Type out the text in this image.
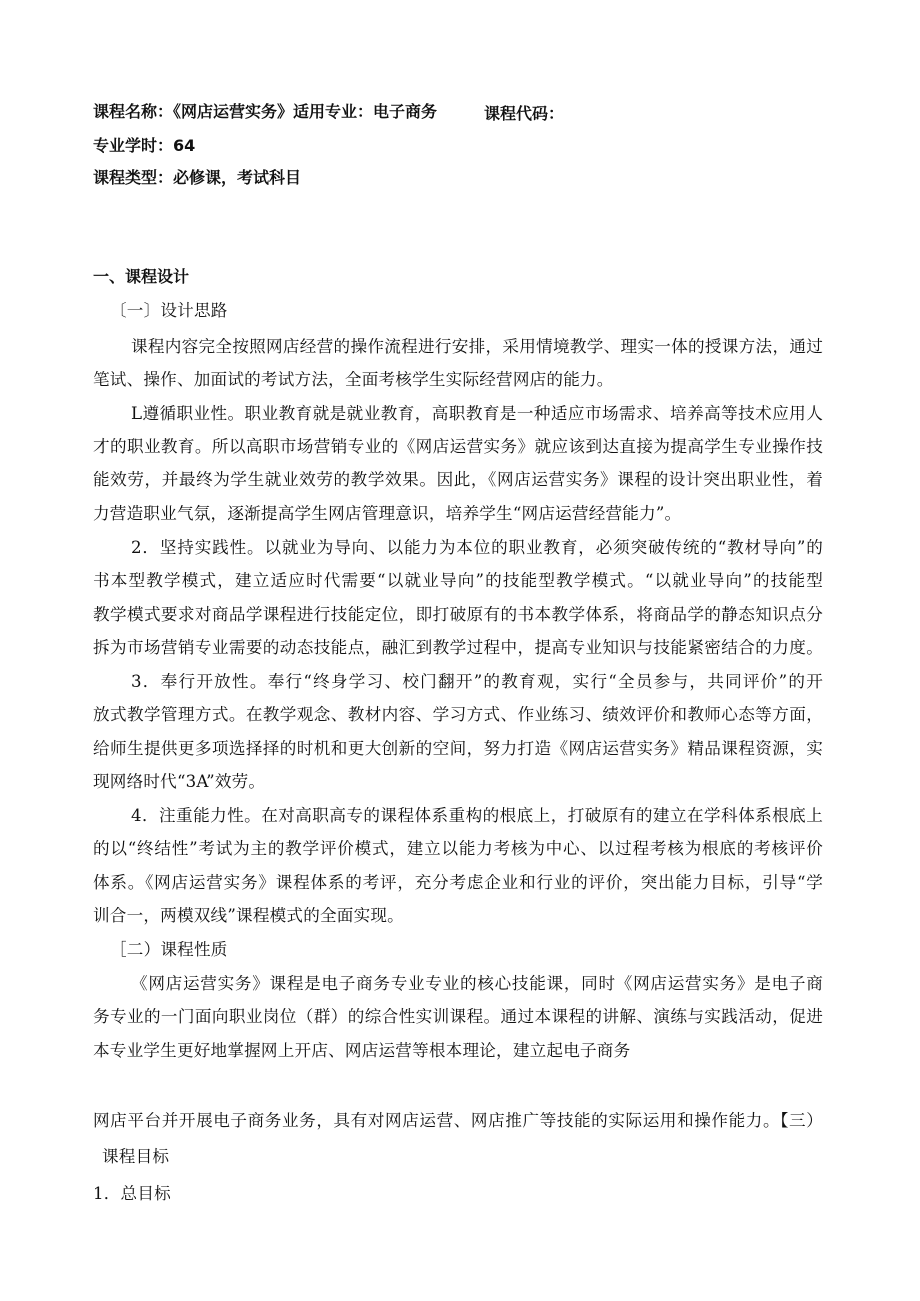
课程名称：《网店运营实务》适用专业：电子商务	课程代码：
专业学时：64
课程类型：必修课，考试科目
一、课程设计
〔一〕设计思路
课程内容完全按照网店经营的操作流程进行安排，采用情境教学、理实一体的授课方法，通过
笔试、操作、加面试的考试方法，全面考核学生实际经营网店的能力。
L遵循职业性。职业教育就是就业教育，高职教育是一种适应市场需求、培养高等技术应用人
才的职业教育。所以高职市场营销专业的《网店运营实务》就应该到达直接为提高学生专业操作技
能效劳，并最终为学生就业效劳的教学效果。因此，《网店运营实务》课程的设计突出职业性，着
力营造职业气氛，逐渐提高学生网店管理意识，培养学生“网店运营经营能力”。
2．坚持实践性。以就业为导向、以能力为本位的职业教育，必须突破传统的“教材导向”的
书本型教学模式，建立适应时代需要“以就业导向”的技能型教学模式。“以就业导向”的技能型
教学模式要求对商品学课程进行技能定位，即打破原有的书本教学体系，将商品学的静态知识点分
拆为市场营销专业需要的动态技能点，融汇到教学过程中，提高专业知识与技能紧密结合的力度。
3．奉行开放性。奉行“终身学习、校门翻开”的教育观，实行“全员参与，共同评价”的开
放式教学管理方式。在教学观念、教材内容、学习方式、作业练习、绩效评价和教师心态等方面，
给师生提供更多项选择择的时机和更大创新的空间，努力打造《网店运营实务》精品课程资源，实
现网络时代“3A”效劳。
4．注重能力性。在对高职高专的课程体系重构的根底上，打破原有的建立在学科体系根底上
的以“终结性”考试为主的教学评价模式，建立以能力考核为中心、以过程考核为根底的考核评价
体系。《网店运营实务》课程体系的考评，充分考虑企业和行业的评价，突出能力目标，引导“学
训合一，两模双线”课程模式的全面实现。
［二）课程性质
《网店运营实务》课程是电子商务专业专业的核心技能课，同时《网店运营实务》是电子商
务专业的一门面向职业岗位（群）的综合性实训课程。通过本课程的讲解、演练与实践活动，促进
本专业学生更好地掌握网上开店、网店运营等根本理论，建立起电子商务
网店平台并开展电子商务业务，具有对网店运营、网店推广等技能的实际运用和操作能力。【三）
课程目标
1．总目标
